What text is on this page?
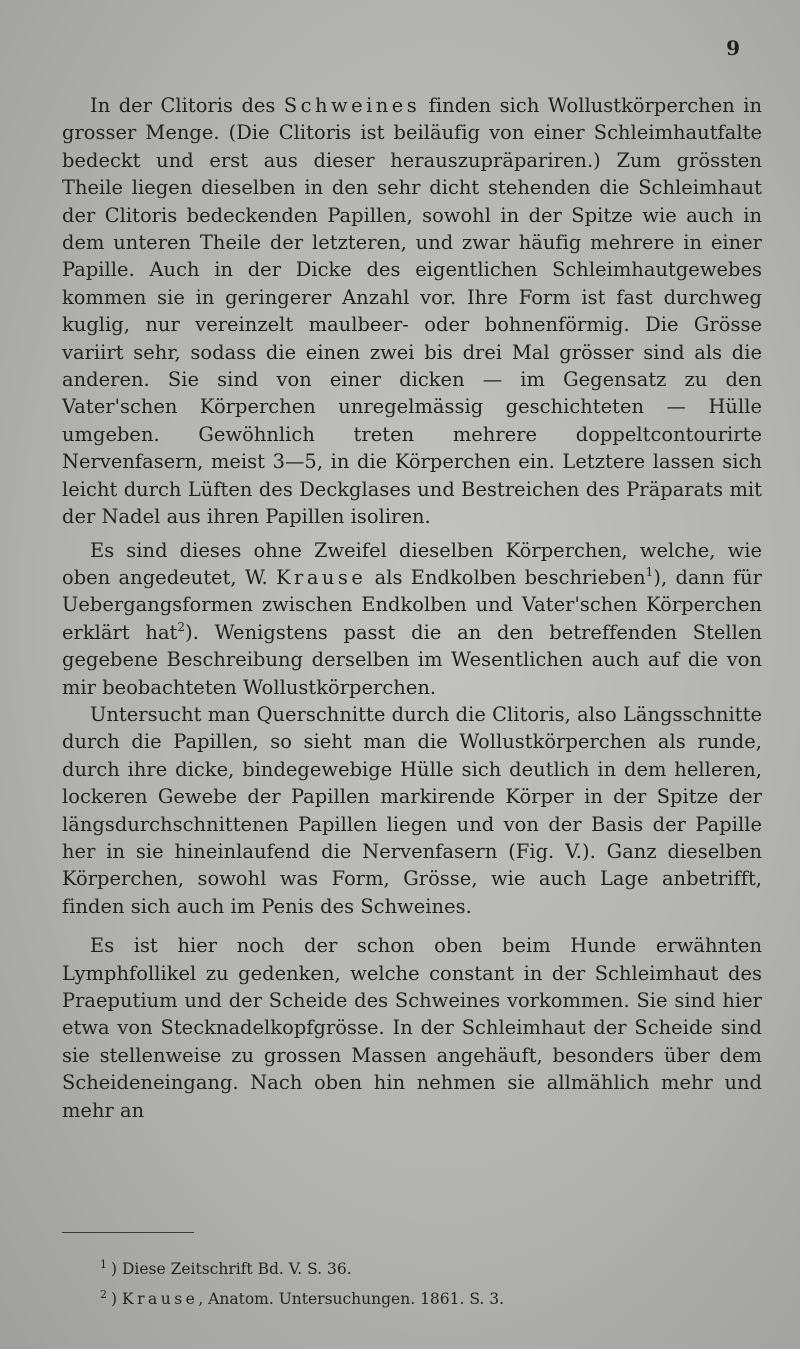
9

In der Clitoris des Schweines finden sich Wollustkörperchen in grosser Menge. (Die Clitoris ist beiläufig von einer Schleimhautfalte bedeckt und erst aus dieser herauszupräpariren.) Zum grössten Theile liegen dieselben in den sehr dicht stehenden die Schleimhaut der Clitoris bedeckenden Papillen, sowohl in der Spitze wie auch in dem unteren Theile der letzteren, und zwar häufig mehrere in einer Papille. Auch in der Dicke des eigentlichen Schleimhautgewebes kommen sie in geringerer Anzahl vor. Ihre Form ist fast durchweg kuglig, nur vereinzelt maulbeer- oder bohnenförmig. Die Grösse variirt sehr, sodass die einen zwei bis drei Mal grösser sind als die anderen. Sie sind von einer dicken — im Gegensatz zu den Vater'schen Körperchen unregelmässig geschichteten — Hülle umgeben. Gewöhnlich treten mehrere doppeltcontourirte Nervenfasern, meist 3—5, in die Körperchen ein. Letztere lassen sich leicht durch Lüften des Deckglases und Bestreichen des Präparats mit der Nadel aus ihren Papillen isoliren.

Es sind dieses ohne Zweifel dieselben Körperchen, welche, wie oben angedeutet, W. Krause als Endkolben beschrieben$^1$), dann für Uebergangsformen zwischen Endkolben und Vater'schen Körperchen erklärt hat$^2$). Wenigstens passt die an den betreffenden Stellen gegebene Beschreibung derselben im Wesentlichen auch auf die von mir beobachteten Wollustkörperchen.

Untersucht man Querschnitte durch die Clitoris, also Längsschnitte durch die Papillen, so sieht man die Wollustkörperchen als runde, durch ihre dicke, bindegewebige Hülle sich deutlich in dem helleren, lockeren Gewebe der Papillen markirende Körper in der Spitze der längsdurchschnittenen Papillen liegen und von der Basis der Papille her in sie hineinlaufend die Nervenfasern (Fig. V.). Ganz dieselben Körperchen, sowohl was Form, Grösse, wie auch Lage anbetrifft, finden sich auch im Penis des Schweines.

Es ist hier noch der schon oben beim Hunde erwähnten Lymphfollikel zu gedenken, welche constant in der Schleimhaut des Praeputium und der Scheide des Schweines vorkommen. Sie sind hier etwa von Stecknadelkopfgrösse. In der Schleimhaut der Scheide sind sie stellenweise zu grossen Massen angehäuft, besonders über dem Scheideneingang. Nach oben hin nehmen sie allmählich mehr und mehr an

$^1$ ) Diese Zeitschrift Bd. V. S. 36.

$^2$ ) Krause, Anatom. Untersuchungen. 1861. S. 3.
